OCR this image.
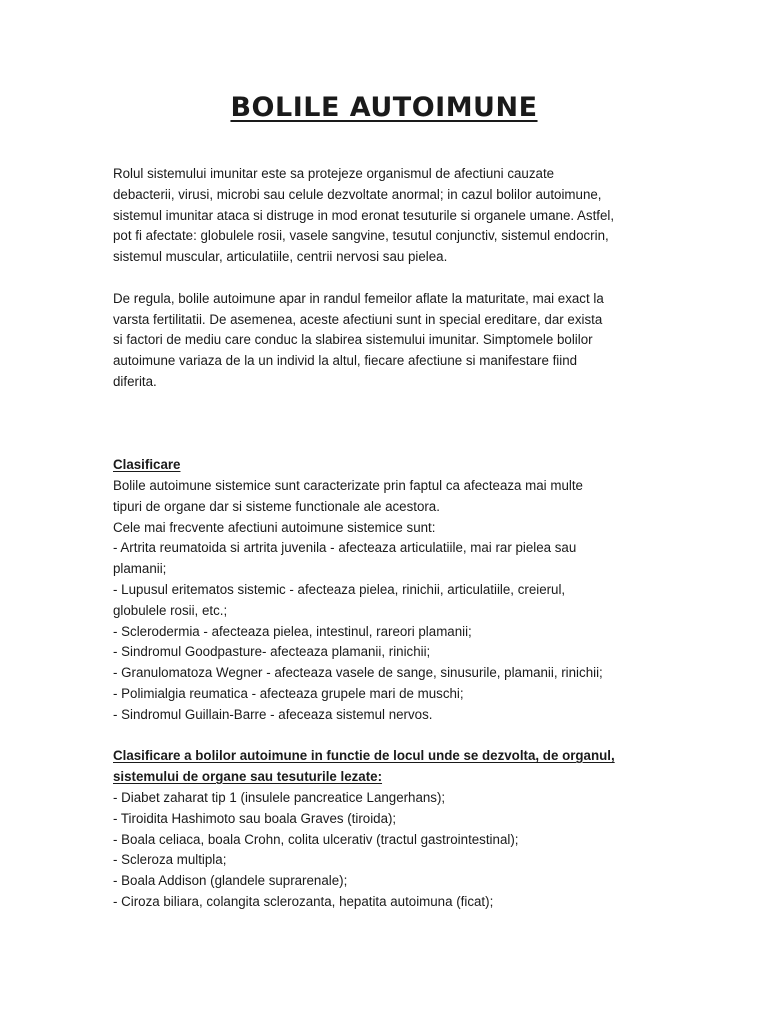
BOLILE AUTOIMUNE
Rolul sistemului imunitar este sa protejeze organismul de afectiuni cauzate
debacterii, virusi, microbi sau celule dezvoltate anormal; in cazul bolilor autoimune,
sistemul imunitar ataca si distruge in mod eronat tesuturile si organele umane. Astfel,
pot fi afectate: globulele rosii, vasele sangvine, tesutul conjunctiv, sistemul endocrin,
sistemul muscular, articulatiile, centrii nervosi sau pielea.
De regula, bolile autoimune apar in randul femeilor aflate la maturitate, mai exact la
varsta fertilitatii. De asemenea, aceste afectiuni sunt in special ereditare, dar exista
si factori de mediu care conduc la slabirea sistemului imunitar. Simptomele bolilor
autoimune variaza de la un individ la altul, fiecare afectiune si manifestare fiind
diferita.
Clasificare
Bolile autoimune sistemice sunt caracterizate prin faptul ca afecteaza mai multe
tipuri de organe dar si sisteme functionale ale acestora.
Cele mai frecvente afectiuni autoimune sistemice sunt:
- Artrita reumatoida si artrita juvenila - afecteaza articulatiile, mai rar pielea sau
plamanii;
- Lupusul eritematos sistemic - afecteaza pielea, rinichii, articulatiile, creierul,
globulele rosii, etc.;
- Sclerodermia - afecteaza pielea, intestinul, rareori plamanii;
- Sindromul Goodpasture- afecteaza plamanii, rinichii;
- Granulomatoza Wegner - afecteaza vasele de sange, sinusurile, plamanii, rinichii;
- Polimialgia reumatica - afecteaza grupele mari de muschi;
- Sindromul Guillain-Barre - afeceaza sistemul nervos.
Clasificare a bolilor autoimune in functie de locul unde se dezvolta, de organul,
sistemului de organe sau tesuturile lezate:
- Diabet zaharat tip 1 (insulele pancreatice Langerhans);
- Tiroidita Hashimoto sau boala Graves (tiroida);
- Boala celiaca, boala Crohn, colita ulcerativ (tractul gastrointestinal);
- Scleroza multipla;
- Boala Addison (glandele suprarenale);
- Ciroza biliara, colangita sclerozanta, hepatita autoimuna (ficat);
